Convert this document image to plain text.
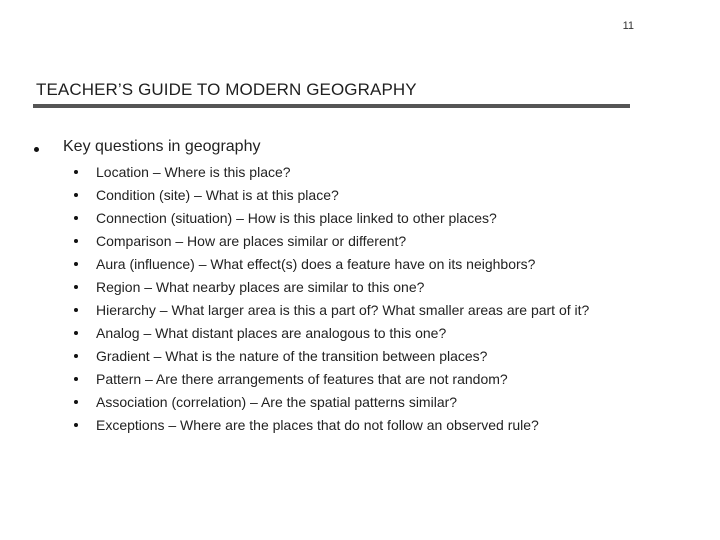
11
TEACHER’S GUIDE TO MODERN GEOGRAPHY
Key questions in geography
Location – Where is this place?
Condition (site) – What is at this place?
Connection (situation) – How is this place linked to other places?
Comparison – How are places similar or different?
Aura (influence) – What effect(s) does a feature have on its neighbors?
Region – What nearby places are similar to this one?
Hierarchy – What larger area is this a part of? What smaller areas are part of it?
Analog – What distant places are analogous to this one?
Gradient – What is the nature of the transition between places?
Pattern – Are there arrangements of features that are not random?
Association (correlation) – Are the spatial patterns similar?
Exceptions – Where are the places that do not follow an observed rule?
